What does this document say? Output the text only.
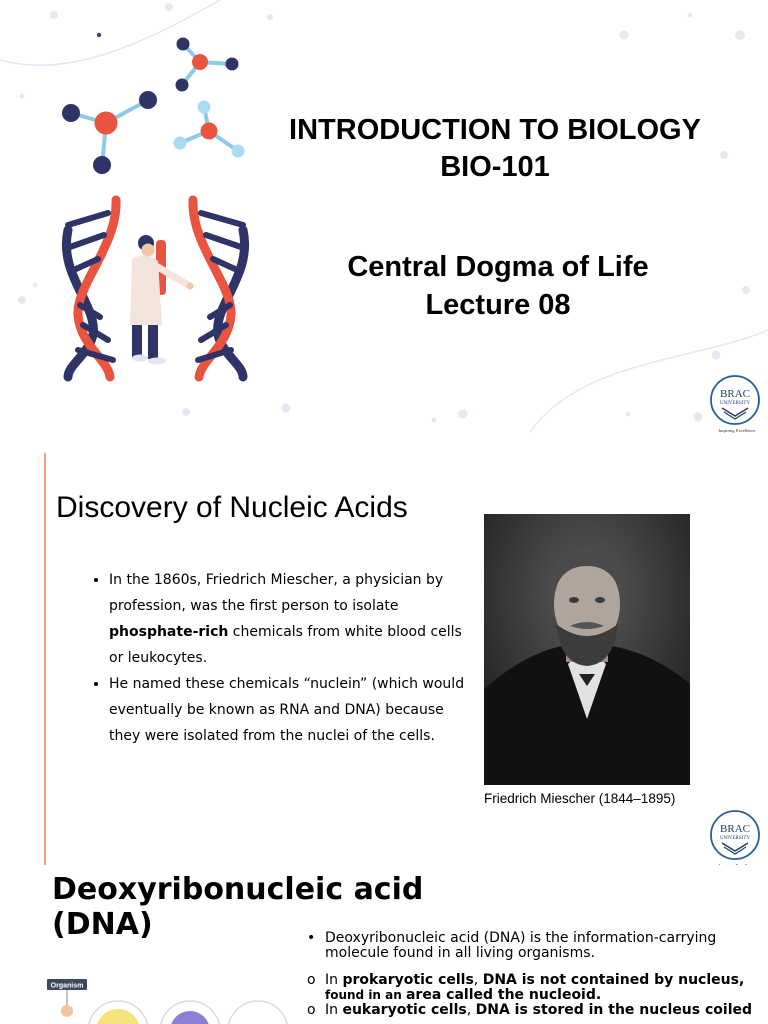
INTRODUCTION TO BIOLOGY
BIO-101
Central Dogma of Life
Lecture 08
BRAC
UNIVERSITY
Inspiring Excellence
Discovery of Nucleic Acids
• In the 1860s, Friedrich Miescher, a physician by profession, was the first person to isolate phosphate-rich chemicals from white blood cells or leukocytes.
• He named these chemicals “nuclein” (which would eventually be known as RNA and DNA) because they were isolated from the nuclei of the cells.
Friedrich Miescher (1844–1895)
BRAC
UNIVERSITY
Deoxyribonucleic acid
(DNA)
Organism
• Deoxyribonucleic acid (DNA) is the information-carrying molecule found in all living organisms.
o In prokaryotic cells, DNA is not contained by nucleus,
found in an area called the nucleoid.
o In eukaryotic cells, DNA is stored in the nucleus coiled
